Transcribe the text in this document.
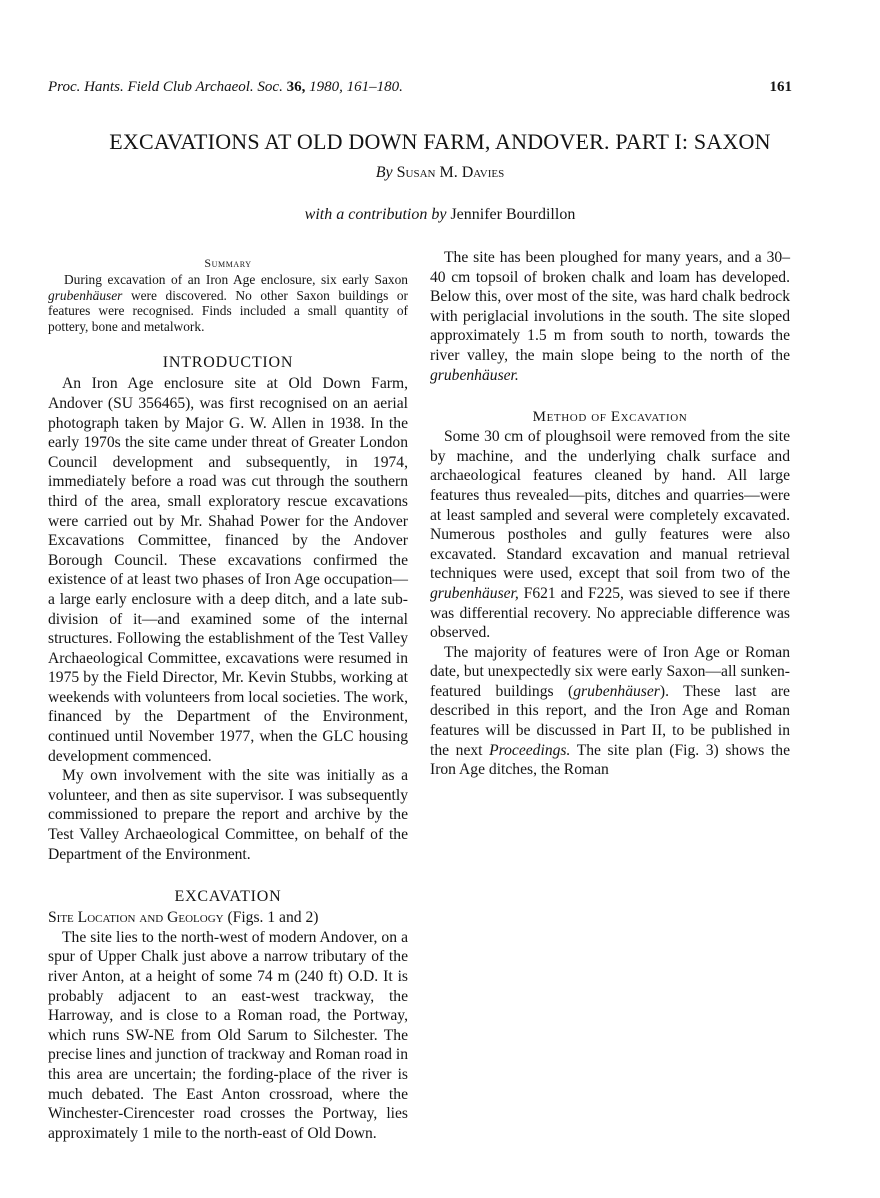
Proc. Hants. Field Club Archaeol. Soc. 36, 1980, 161–180.	161
EXCAVATIONS AT OLD DOWN FARM, ANDOVER. PART I: SAXON
By Susan M. Davies
with a contribution by Jennifer Bourdillon
Summary

During excavation of an Iron Age enclosure, six early Saxon grubenhäuser were discovered. No other Saxon buildings or features were recognised. Finds included a small quantity of pottery, bone and metalwork.

INTRODUCTION

An Iron Age enclosure site at Old Down Farm, Andover (SU 356465), was first recognised on an aerial photograph taken by Major G. W. Allen in 1938. In the early 1970s the site came under threat of Greater London Council development and subsequently, in 1974, immediately before a road was cut through the southern third of the area, small exploratory rescue excavations were carried out by Mr. Shahad Power for the Andover Excavations Committee, financed by the Andover Borough Council. These excavations confirmed the existence of at least two phases of Iron Age occupation—a large early enclosure with a deep ditch, and a late sub-division of it—and examined some of the internal structures. Following the establishment of the Test Valley Archaeological Committee, excavations were resumed in 1975 by the Field Director, Mr. Kevin Stubbs, working at weekends with volunteers from local societies. The work, financed by the Department of the Environment, continued until November 1977, when the GLC housing development commenced.

My own involvement with the site was initially as a volunteer, and then as site supervisor. I was subsequently commissioned to prepare the report and archive by the Test Valley Archaeological Committee, on behalf of the Department of the Environment.

EXCAVATION

Site Location and Geology (Figs. 1 and 2)

The site lies to the north-west of modern Andover, on a spur of Upper Chalk just above a narrow tributary of the river Anton, at a height of some 74 m (240 ft) O.D. It is probably adjacent to an east-west trackway, the Harroway, and is close to a Roman road, the Portway, which runs SW-NE from Old Sarum to Silchester. The precise lines and junction of trackway and Roman road in this area are uncertain; the fording-place of the river is much debated. The East Anton crossroad, where the Winchester-Cirencester road crosses the Portway, lies approximately 1 mile to the north-east of Old Down.

The site has been ploughed for many years, and a 30–40 cm topsoil of broken chalk and loam has developed. Below this, over most of the site, was hard chalk bedrock with periglacial involutions in the south. The site sloped approximately 1.5 m from south to north, towards the river valley, the main slope being to the north of the grubenhäuser.

Method of Excavation

Some 30 cm of ploughsoil were removed from the site by machine, and the underlying chalk surface and archaeological features cleaned by hand. All large features thus revealed—pits, ditches and quarries—were at least sampled and several were completely excavated. Numerous postholes and gully features were also excavated. Standard excavation and manual retrieval techniques were used, except that soil from two of the grubenhäuser, F621 and F225, was sieved to see if there was differential recovery. No appreciable difference was observed.

The majority of features were of Iron Age or Roman date, but unexpectedly six were early Saxon—all sunken-featured buildings (grubenhäuser). These last are described in this report, and the Iron Age and Roman features will be discussed in Part II, to be published in the next Proceedings. The site plan (Fig. 3) shows the Iron Age ditches, the Roman
